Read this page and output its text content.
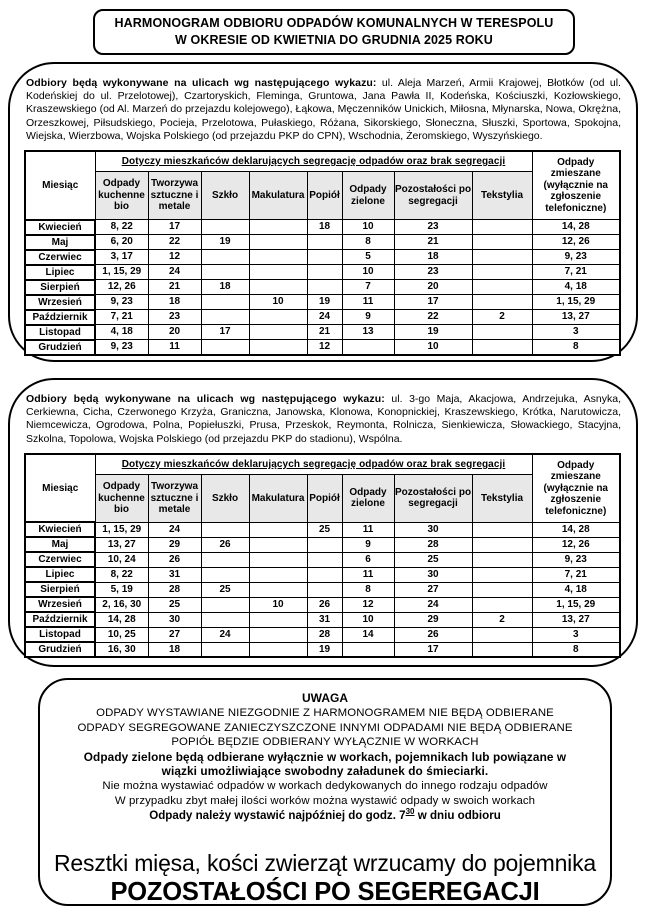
HARMONOGRAM ODBIORU ODPADÓW KOMUNALNYCH W TERESPOLU
W OKRESIE OD KWIETNIA DO GRUDNIA 2025 ROKU

Odbiory będą wykonywane na ulicach wg następującego wykazu: ul. Aleja Marzeń, Armii Krajowej, Błotków (od ul. Kodeńskiej do ul. Przelotowej), Czartoryskich, Fleminga, Gruntowa, Jana Pawła II, Kodeńska, Kościuszki, Kozłowskiego, Kraszewskiego (od Al. Marzeń do przejazdu kolejowego), Łąkowa, Męczenników Unickich, Miłosna, Młynarska, Nowa, Okrężna, Orzeszkowej, Piłsudskiego, Pocieja, Przelotowa, Pułaskiego, Różana, Sikorskiego, Słoneczna, Słuszki, Sportowa, Spokojna, Wiejska, Wierzbowa, Wojska Polskiego (od przejazdu PKP do CPN), Wschodnia, Żeromskiego, Wyszyńskiego.

Miesiąc	Dotyczy mieszkańców deklarujących segregację odpadów oraz brak segregacji								Odpady zmieszane (wyłącznie na zgłoszenie telefoniczne)
	Odpady kuchenne bio	Tworzywa sztuczne i metale	Szkło	Makulatura	Popiół	Odpady zielone	Pozostałości po segregacji	Tekstylia	
Kwiecień	8, 22	17			18	10	23		14, 28
Maj	6, 20	22	19			8	21		12, 26
Czerwiec	3, 17	12				5	18		9, 23
Lipiec	1, 15, 29	24				10	23		7, 21
Sierpień	12, 26	21	18			7	20		4, 18
Wrzesień	9, 23	18		10	19	11	17		1, 15, 29
Październik	7, 21	23			24	9	22	2	13, 27
Listopad	4, 18	20	17		21	13	19		3
Grudzień	9, 23	11			12		10		8

Odbiory będą wykonywane na ulicach wg następującego wykazu: ul. 3-go Maja, Akacjowa, Andrzejuka, Asnyka, Cerkiewna, Cicha, Czerwonego Krzyża, Graniczna, Janowska, Klonowa, Konopnickiej, Kraszewskiego, Krótka, Narutowicza, Niemcewicza, Ogrodowa, Polna, Popiełuszki, Prusa, Przeskok, Reymonta, Rolnicza, Sienkiewicza, Słowackiego, Stacyjna, Szkolna, Topolowa, Wojska Polskiego (od przejazdu PKP do stadionu), Wspólna.

Miesiąc	Dotyczy mieszkańców deklarujących segregację odpadów oraz brak segregacji								Odpady zmieszane (wyłącznie na zgłoszenie telefoniczne)
	Odpady kuchenne bio	Tworzywa sztuczne i metale	Szkło	Makulatura	Popiół	Odpady zielone	Pozostałości po segregacji	Tekstylia	
Kwiecień	1, 15, 29	24			25	11	30		14, 28
Maj	13, 27	29	26			9	28		12, 26
Czerwiec	10, 24	26				6	25		9, 23
Lipiec	8, 22	31				11	30		7, 21
Sierpień	5, 19	28	25			8	27		4, 18
Wrzesień	2, 16, 30	25		10	26	12	24		1, 15, 29
Październik	14, 28	30			31	10	29	2	13, 27
Listopad	10, 25	27	24		28	14	26		3
Grudzień	16, 30	18			19		17		8
UWAGA
ODPADY WYSTAWIANE NIEZGODNIE Z HARMONOGRAMEM NIE BĘDĄ ODBIERANE
ODPADY SEGREGOWANE ZANIECZYSZCZONE INNYMI ODPADAMI NIE BĘDĄ ODBIERANE
POPIÓŁ BĘDZIE ODBIERANY WYŁĄCZNIE W WORKACH
Odpady zielone będą odbierane wyłącznie w workach, pojemnikach lub powiązane w wiązki umożliwiające swobodny załadunek do śmieciarki.
Nie można wystawiać odpadów w workach dedykowanych do innego rodzaju odpadów
W przypadku zbyt małej ilości worków można wystawić odpady w swoich workach
Odpady należy wystawić najpóźniej do godz. $7^{30}$ w dniu odbioru
Resztki mięsa, kości zwierząt wrzucamy do pojemnika
POZOSTAŁOŚCI PO SEGEREGACJI
